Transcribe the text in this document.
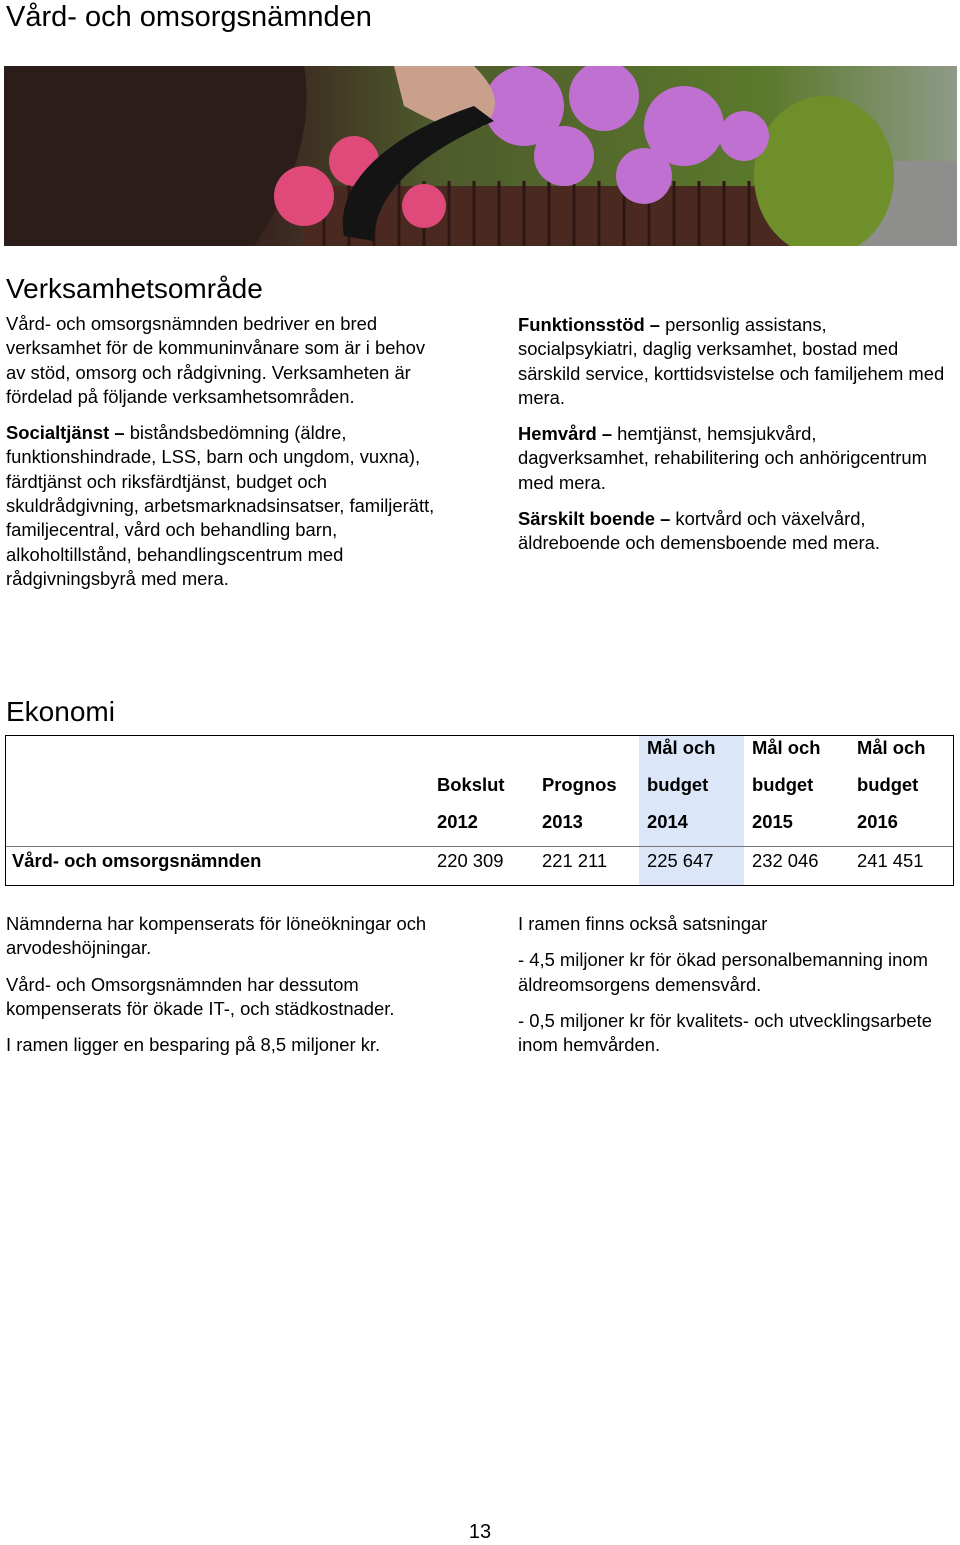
Vård- och omsorgsnämnden
Verksamhetsområde

Vård- och omsorgsnämnden bedriver en bred verksamhet för de kommuninvånare som är i behov av stöd, omsorg och rådgivning. Verksamheten är fördelad på följande verksamhetsområden.

Socialtjänst – biståndsbedömning (äldre, funktionshindrade, LSS, barn och ungdom, vuxna), färdtjänst och riksfärdtjänst, budget och skuldrådgivning, arbetsmarknadsinsatser, familjerätt, familjecentral, vård och behandling barn, alkoholtillstånd, behandlingscentrum med rådgivningsbyrå med mera.

Funktionsstöd – personlig assistans, socialpsykiatri, daglig verksamhet, bostad med särskild service, korttidsvistelse och familjehem med mera.

Hemvård – hemtjänst, hemsjukvård, dagverksamhet, rehabilitering och anhörigcentrum med mera.

Särskilt boende – kortvård och växelvård, äldreboende och demensboende med mera.

Ekonomi
Bokslut
2012
Prognos
2013
Mål och
budget
2014
Mål och
budget
2015
Mål och
budget
2016
Vård- och omsorgsnämnden	220 309 221 211 225 647 232 046 241 451

Nämnderna har kompenserats för löneökningar och arvodeshöjningar.

Vård- och Omsorgsnämnden har dessutom kompenserats för ökade IT-, och städkostnader.

I ramen ligger en besparing på 8,5 miljoner kr.

I ramen finns också satsningar

- 4,5 miljoner kr för ökad personalbemanning inom äldreomsorgens demensvård.

- 0,5 miljoner kr för kvalitets- och utvecklingsarbete inom hemvården.

13
